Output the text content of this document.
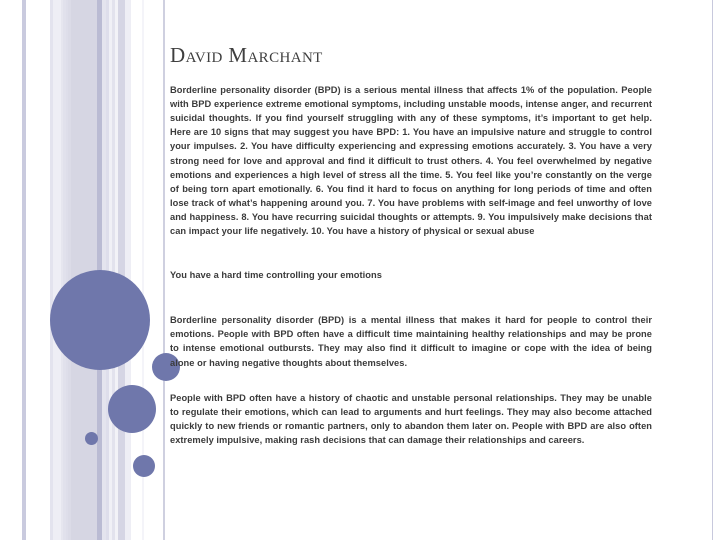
David Marchant

Borderline personality disorder (BPD) is a serious mental illness that affects 1% of the population. People with BPD experience extreme emotional symptoms, including unstable moods, intense anger, and recurrent suicidal thoughts. If you find yourself struggling with any of these symptoms, it’s important to get help. Here are 10 signs that may suggest you have BPD: 1. You have an impulsive nature and struggle to control your impulses. 2. You have difficulty experiencing and expressing emotions accurately. 3. You have a very strong need for love and approval and find it difficult to trust others. 4. You feel overwhelmed by negative emotions and experiences a high level of stress all the time. 5. You feel like you’re constantly on the verge of being torn apart emotionally. 6. You find it hard to focus on anything for long periods of time and often lose track of what’s happening around you. 7. You have problems with self-image and feel unworthy of love and happiness. 8. You have recurring suicidal thoughts or attempts. 9. You impulsively make decisions that can impact your life negatively. 10. You have a history of physical or sexual abuse

You have a hard time controlling your emotions

Borderline personality disorder (BPD) is a mental illness that makes it hard for people to control their emotions. People with BPD often have a difficult time maintaining healthy relationships and may be prone to intense emotional outbursts. They may also find it difficult to imagine or cope with the idea of being alone or having negative thoughts about themselves.

People with BPD often have a history of chaotic and unstable personal relationships. They may be unable to regulate their emotions, which can lead to arguments and hurt feelings. They may also become attached quickly to new friends or romantic partners, only to abandon them later on. People with BPD are also often extremely impulsive, making rash decisions that can damage their relationships and careers.
